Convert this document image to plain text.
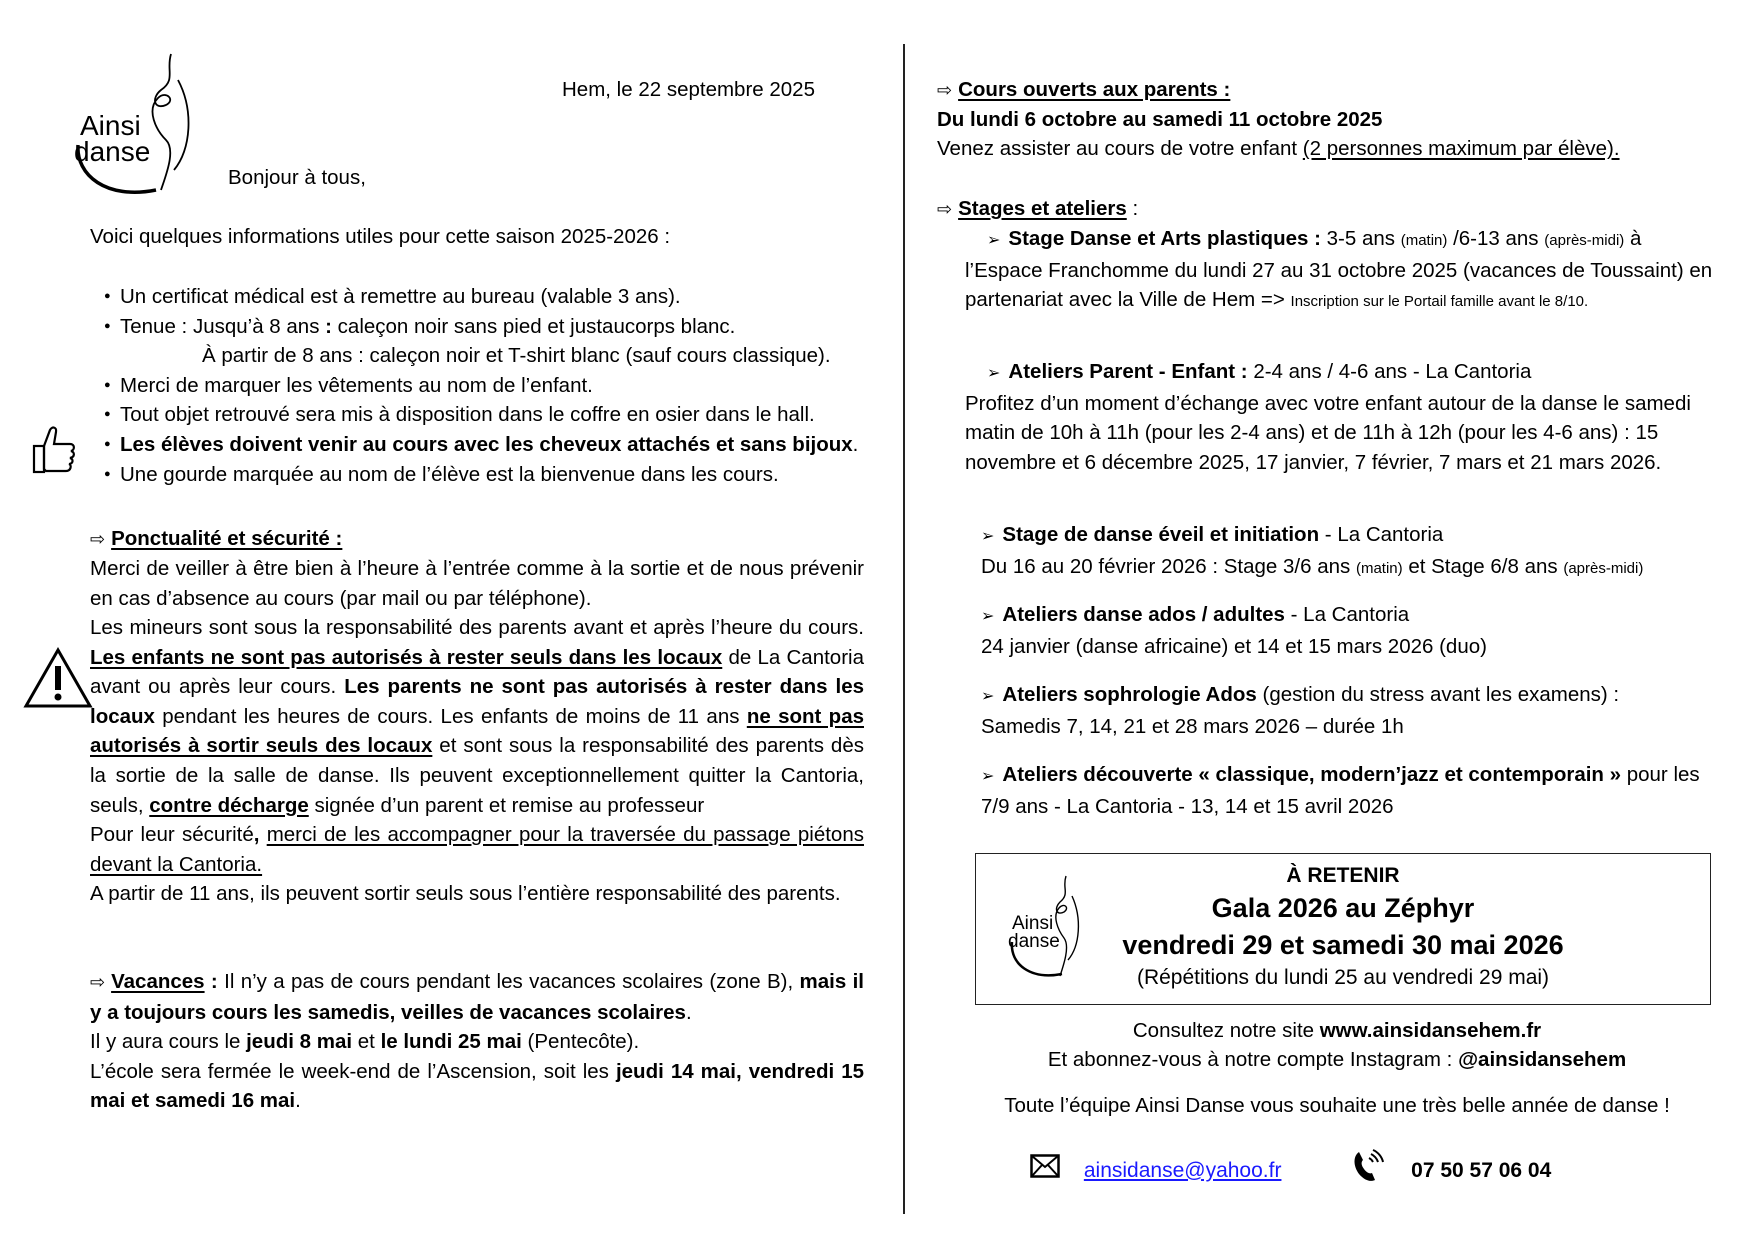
Ainsi
danse
Hem, le 22 septembre 2025
Bonjour à tous,
Voici quelques informations utiles pour cette saison 2025-2026 :
● Un certificat médical est à remettre au bureau (valable 3 ans).
● Tenue : Jusqu’à 8 ans : caleçon noir sans pied et justaucorps blanc.
À partir de 8 ans : caleçon noir et T-shirt blanc (sauf cours classique).
● Merci de marquer les vêtements au nom de l’enfant.
● Tout objet retrouvé sera mis à disposition dans le coffre en osier dans le hall.
● Les élèves doivent venir au cours avec les cheveux attachés et sans bijoux.
● Une gourde marquée au nom de l’élève est la bienvenue dans les cours.
⇨ Ponctualité et sécurité :
Merci de veiller à être bien à l’heure à l’entrée comme à la sortie et de nous prévenir en cas d’absence au cours (par mail ou par téléphone).
Les mineurs sont sous la responsabilité des parents avant et après l’heure du cours. Les enfants ne sont pas autorisés à rester seuls dans les locaux de La Cantoria avant ou après leur cours. Les parents ne sont pas autorisés à rester dans les locaux pendant les heures de cours. Les enfants de moins de 11 ans ne sont pas autorisés à sortir seuls des locaux et sont sous la responsabilité des parents dès la sortie de la salle de danse. Ils peuvent exceptionnellement quitter la Cantoria, seuls, contre décharge signée d’un parent et remise au professeur
Pour leur sécurité, merci de les accompagner pour la traversée du passage piétons devant la Cantoria.
A partir de 11 ans, ils peuvent sortir seuls sous l’entière responsabilité des parents.
⇨ Vacances : Il n’y a pas de cours pendant les vacances scolaires (zone B), mais il y a toujours cours les samedis, veilles de vacances scolaires.
Il y aura cours le jeudi 8 mai et le lundi 25 mai (Pentecôte).
L’école sera fermée le week-end de l’Ascension, soit les jeudi 14 mai, vendredi 15 mai et samedi 16 mai.
⇨ Cours ouverts aux parents :
Du lundi 6 octobre au samedi 11 octobre 2025
Venez assister au cours de votre enfant (2 personnes maximum par élève).
⇨ Stages et ateliers :
➢ Stage Danse et Arts plastiques : 3-5 ans (matin) /6-13 ans (après-midi) à l’Espace Franchomme du lundi 27 au 31 octobre 2025 (vacances de Toussaint) en partenariat avec la Ville de Hem => Inscription sur le Portail famille avant le 8/10.
➢ Ateliers Parent - Enfant : 2-4 ans / 4-6 ans - La Cantoria
Profitez d’un moment d’échange avec votre enfant autour de la danse le samedi matin de 10h à 11h (pour les 2-4 ans) et de 11h à 12h (pour les 4-6 ans) : 15 novembre et 6 décembre 2025, 17 janvier, 7 février, 7 mars et 21 mars 2026.
➢ Stage de danse éveil et initiation - La Cantoria
Du 16 au 20 février 2026 : Stage 3/6 ans (matin) et Stage 6/8 ans (après-midi)
➢ Ateliers danse ados / adultes - La Cantoria
24 janvier (danse africaine) et 14 et 15 mars 2026 (duo)
➢ Ateliers sophrologie Ados (gestion du stress avant les examens) :
Samedis 7, 14, 21 et 28 mars 2026 – durée 1h
➢ Ateliers découverte « classique, modern’jazz et contemporain » pour les 7/9 ans - La Cantoria - 13, 14 et 15 avril 2026
Ainsi
danse
À RETENIR
Gala 2026 au Zéphyr
vendredi 29 et samedi 30 mai 2026
(Répétitions du lundi 25 au vendredi 29 mai)
Consultez notre site www.ainsidansehem.fr
Et abonnez-vous à notre compte Instagram : @ainsidansehem
Toute l’équipe Ainsi Danse vous souhaite une très belle année de danse !
ainsidanse@yahoo.fr	07 50 57 06 04
